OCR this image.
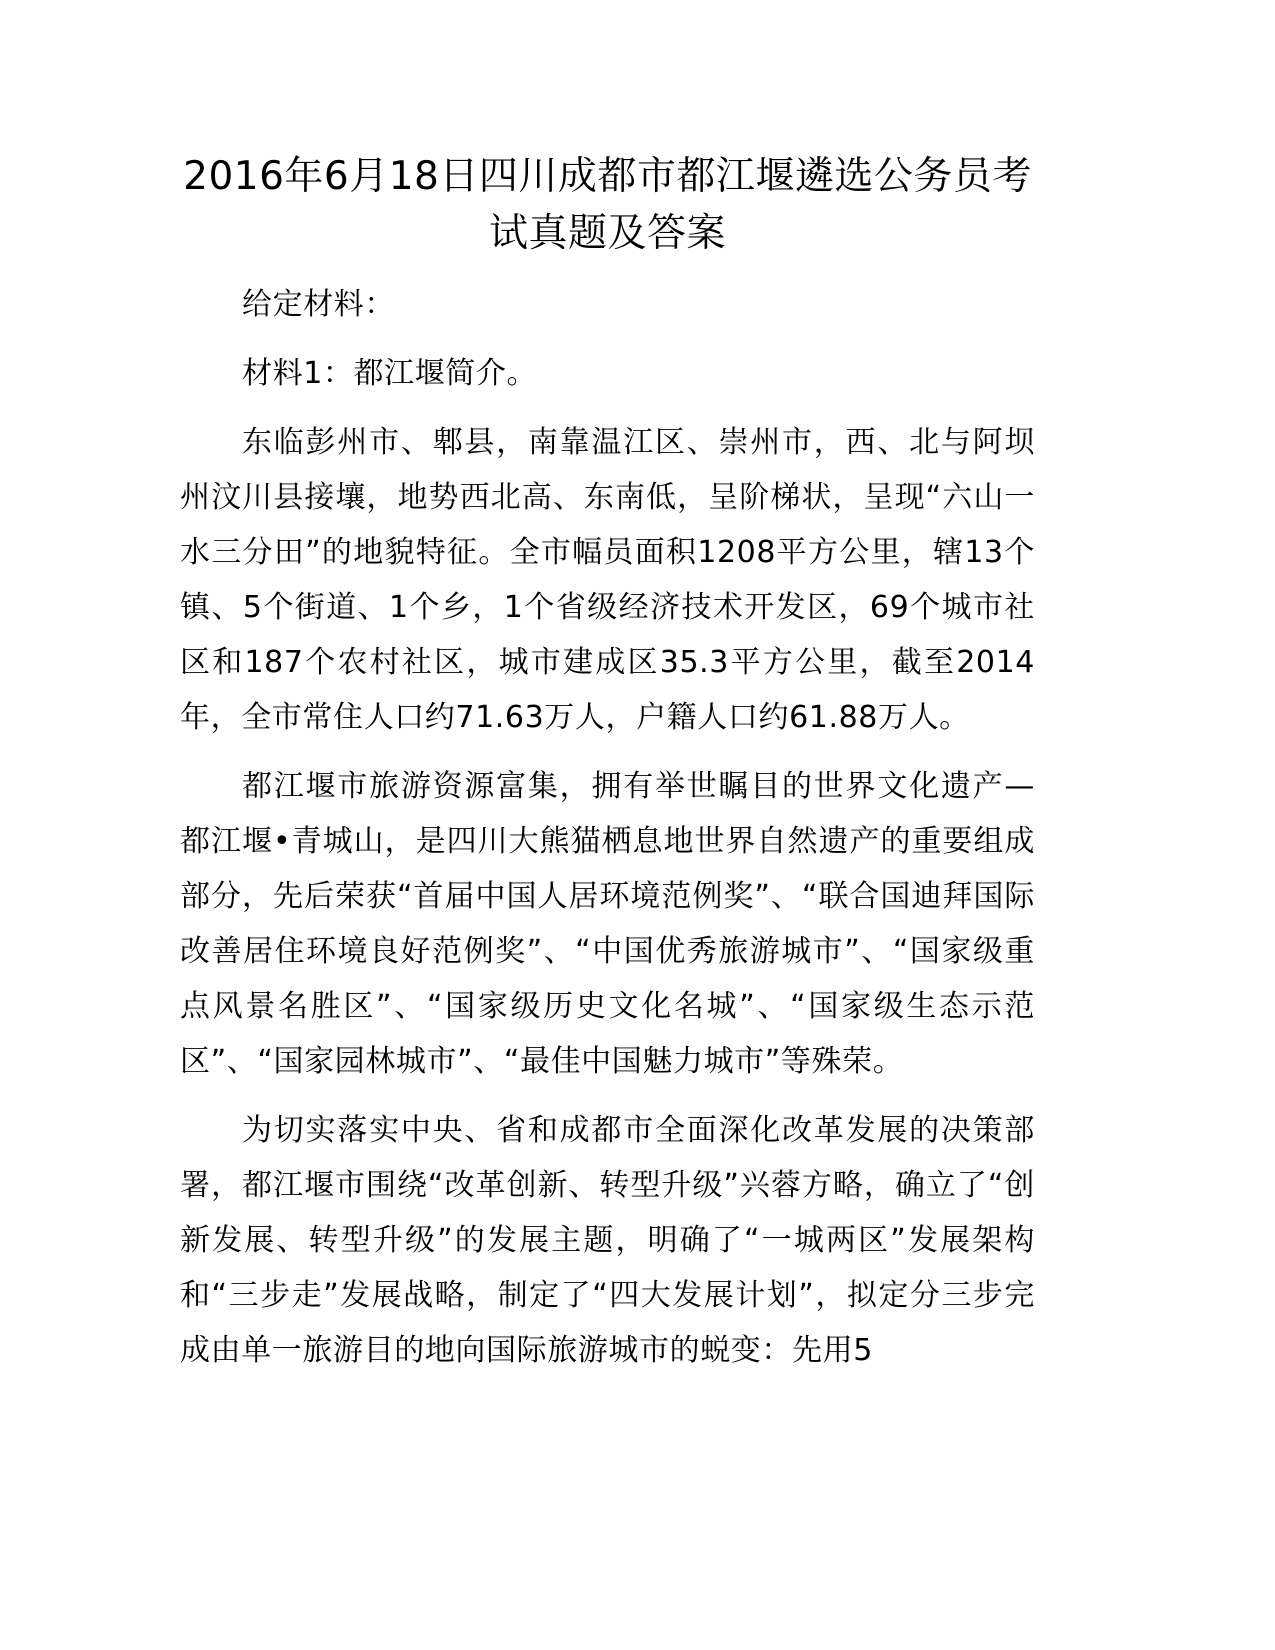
2016年6月18日四川成都市都江堰遴选公务员考试真题及答案

给定材料：

材料1：都江堰简介。

东临彭州市、郫县，南靠温江区、崇州市，西、北与阿坝州汶川县接壤，地势西北高、东南低，呈阶梯状，呈现“六山一水三分田”的地貌特征。全市幅员面积1208平方公里，辖13个镇、5个街道、1个乡，1个省级经济技术开发区，69个城市社区和187个农村社区，城市建成区35.3平方公里，截至2014年，全市常住人口约71.63万人，户籍人口约61.88万人。

都江堰市旅游资源富集，拥有举世瞩目的世界文化遗产—都江堰•青城山，是四川大熊猫栖息地世界自然遗产的重要组成部分，先后荣获“首届中国人居环境范例奖”、“联合国迪拜国际改善居住环境良好范例奖”、“中国优秀旅游城市”、“国家级重点风景名胜区”、“国家级历史文化名城”、“国家级生态示范区”、“国家园林城市”、“最佳中国魅力城市”等殊荣。

为切实落实中央、省和成都市全面深化改革发展的决策部署，都江堰市围绕“改革创新、转型升级”兴蓉方略，确立了“创新发展、转型升级”的发展主题，明确了“一城两区”发展架构和“三步走”发展战略，制定了“四大发展计划”，拟定分三步完成由单一旅游目的地向国际旅游城市的蜕变：先用5
